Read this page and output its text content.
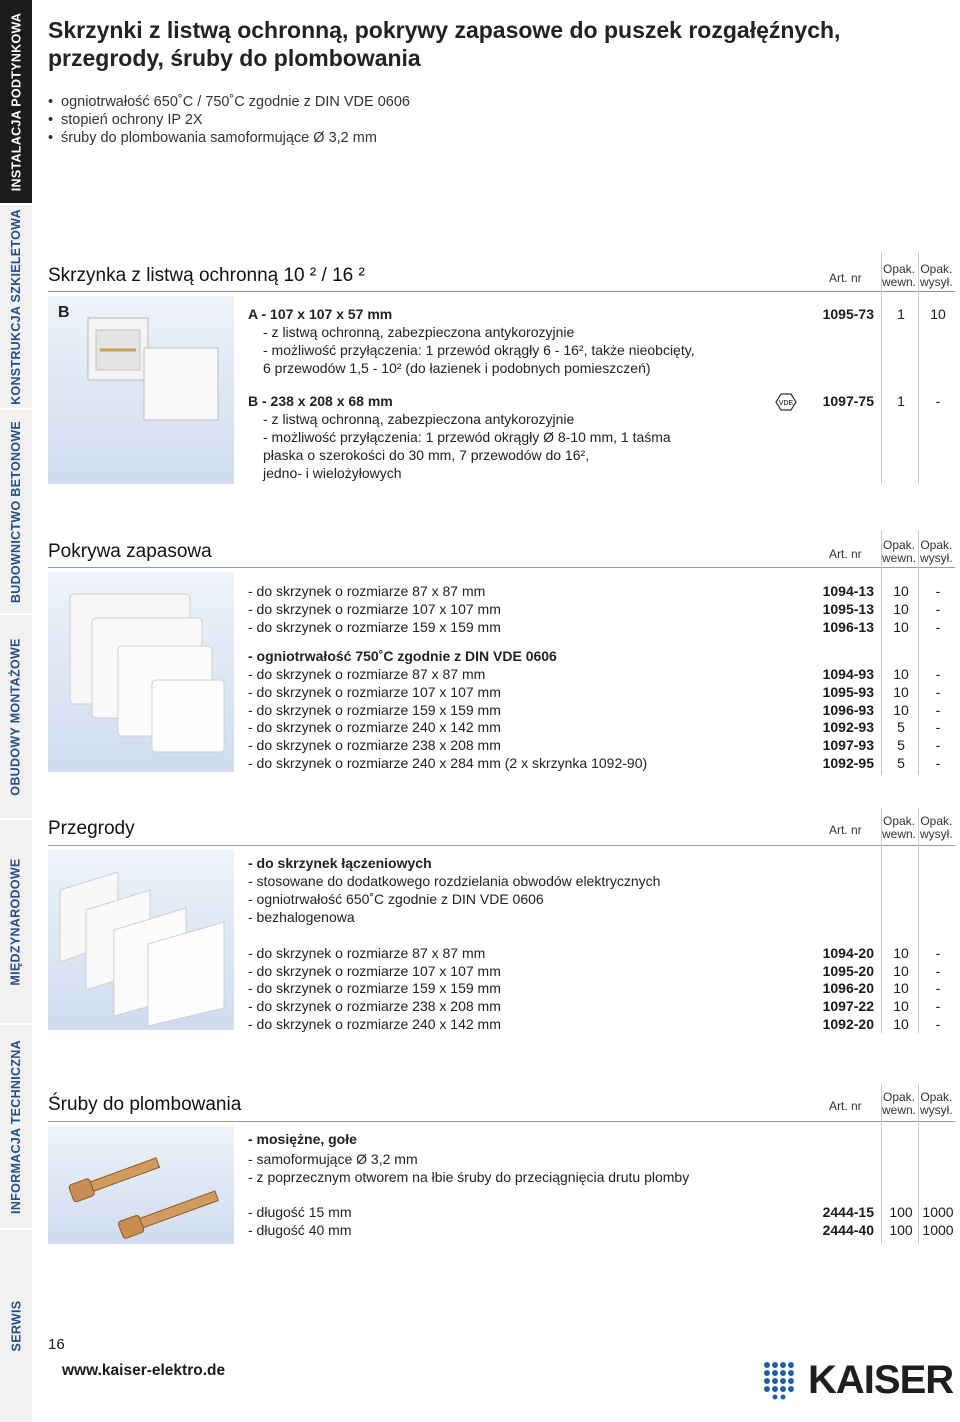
INSTALACJA PODTYNKOWA
KONSTRUKCJA SZKIELETOWA
BUDOWNICTWO BETONOWE
OBUDOWY MONTAŻOWE
MIĘDZYNARODOWE
INFORMACJA TECHNICZNA
SERWIS
Skrzynki z listwą ochronną, pokrywy zapasowe do puszek rozgałęźnych,
przegrody, śruby do plombowania
• ogniotrwałość 650˚C / 750˚C zgodnie z DIN VDE 0606
• stopień ochrony IP 2X
• śruby do plombowania samoformujące Ø 3,2 mm
Skrzynka z listwą ochronną 10 ² / 16 ²	Art. nr
Opak.
wewn.
Opak.
wysył.
B	A - 107 x 107 x 57 mm
- z listwą ochronną, zabezpieczona antykorozyjnie
- możliwość przyłączenia: 1 przewód okrągły 6 - 16², także nieobcięty,
6 przewodów 1,5 - 10² (do łazienek i podobnych pomieszczeń)
1095-73	1	10
B - 238 x 208 x 68 mm
- z listwą ochronną, zabezpieczona antykorozyjnie
- możliwość przyłączenia: 1 przewód okrągły Ø 8-10 mm, 1 taśma
płaska o szerokości do 30 mm, 7 przewodów do 16²,
jedno- i wielożyłowych
VDE	1097-75	1	-
Pokrywa zapasowa	Art. nr
Opak.
wewn.
Opak.
wysył.
- do skrzynek o rozmiarze 87 x 87 mm	1094-13	10	-
- do skrzynek o rozmiarze 107 x 107 mm	1095-13	10	-
- do skrzynek o rozmiarze 159 x 159 mm	1096-13	10	-
- ogniotrwałość 750˚C zgodnie z DIN VDE 0606
- do skrzynek o rozmiarze 87 x 87 mm	1094-93	10	-
- do skrzynek o rozmiarze 107 x 107 mm	1095-93	10	-
- do skrzynek o rozmiarze 159 x 159 mm	1096-93	10	-
- do skrzynek o rozmiarze 240 x 142 mm	1092-93	5	-
- do skrzynek o rozmiarze 238 x 208 mm	1097-93	5	-
- do skrzynek o rozmiarze 240 x 284 mm (2 x skrzynka 1092-90)	1092-95	5	-
Przegrody	Art. nr
Opak.
wewn.
Opak.
wysył.
- do skrzynek łączeniowych
- stosowane do dodatkowego rozdzielania obwodów elektrycznych
- ogniotrwałość 650˚C zgodnie z DIN VDE 0606
- bezhalogenowa
- do skrzynek o rozmiarze 87 x 87 mm	1094-20	10	-
- do skrzynek o rozmiarze 107 x 107 mm	1095-20	10	-
- do skrzynek o rozmiarze 159 x 159 mm	1096-20	10	-
- do skrzynek o rozmiarze 238 x 208 mm	1097-22	10	-
- do skrzynek o rozmiarze 240 x 142 mm	1092-20	10	-
Śruby do plombowania	Art. nr
Opak.
wewn.
Opak.
wysył.
- mosiężne, gołe
- samoformujące Ø 3,2 mm
- z poprzecznym otworem na łbie śruby do przeciągnięcia drutu plomby
- długość 15 mm	2444-15	100 1000
- długość 40 mm	2444-40	100 1000
16
www.kaiser-elektro.de	KAISER
